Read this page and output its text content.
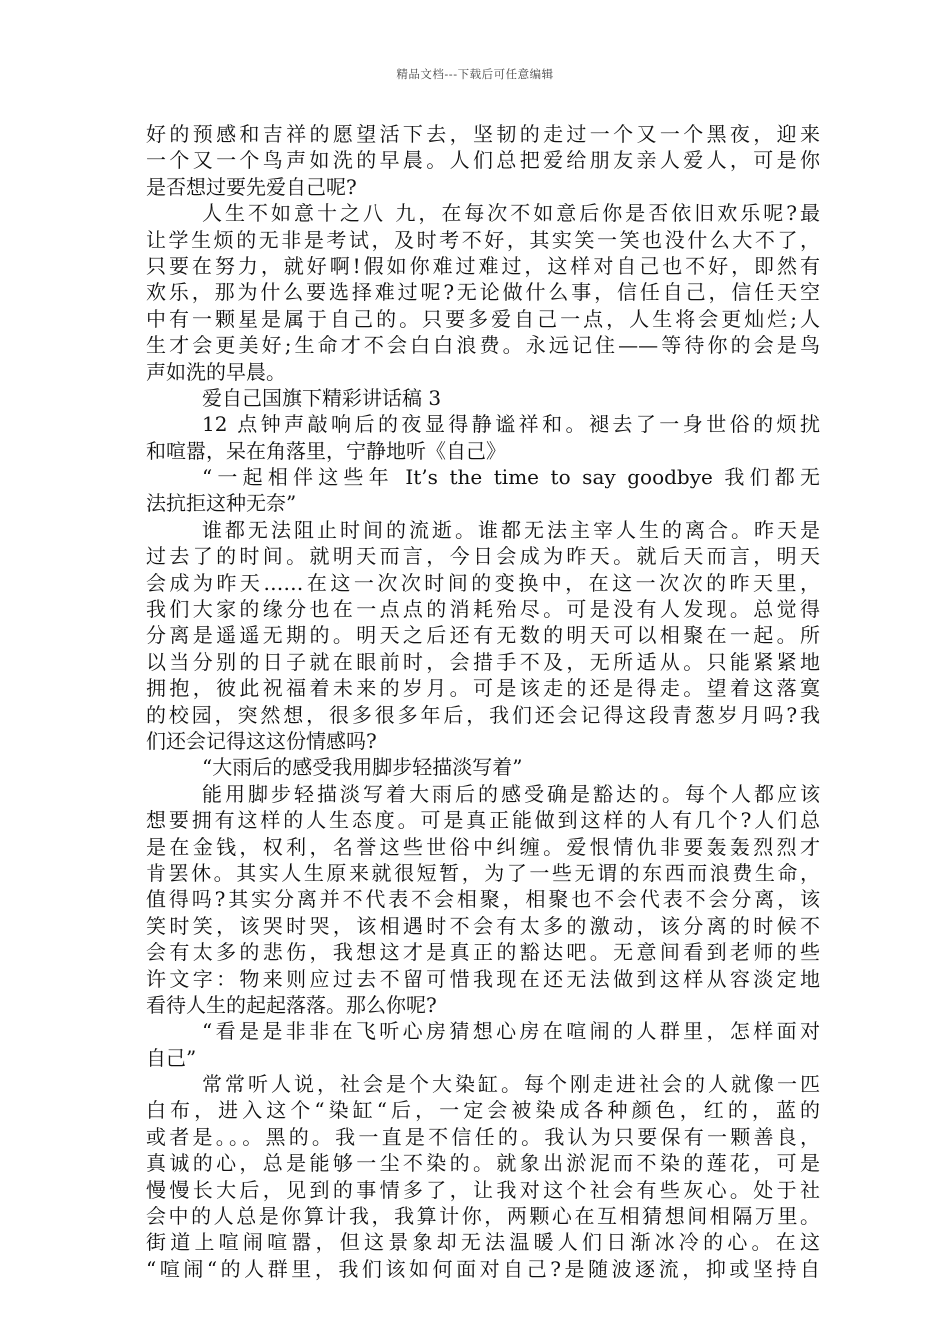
精品文档---下载后可任意编辑
好的预感和吉祥的愿望活下去，坚韧的走过一个又一个黑夜，迎来
一个又一个鸟声如洗的早晨。人们总把爱给朋友亲人爱人，可是你
是否想过要先爱自己呢?
人生不如意十之八 九，在每次不如意后你是否依旧欢乐呢?最
让学生烦的无非是考试，及时考不好，其实笑一笑也没什么大不了，
只要在努力，就好啊!假如你难过难过，这样对自己也不好，即然有
欢乐，那为什么要选择难过呢?无论做什么事，信任自己，信任天空
中有一颗星是属于自己的。只要多爱自己一点，人生将会更灿烂;人
生才会更美好;生命才不会白白浪费。永远记住——等待你的会是鸟
声如洗的早晨。
爱自己国旗下精彩讲话稿 3
12 点钟声敲响后的夜显得静谧祥和。褪去了一身世俗的烦扰
和喧嚣，呆在角落里，宁静地听《自己》
“一起相伴这些年 It’s the time to say goodbye 我们都无
法抗拒这种无奈”
谁都无法阻止时间的流逝。谁都无法主宰人生的离合。昨天是
过去了的时间。就明天而言，今日会成为昨天。就后天而言，明天
会成为昨天……在这一次次时间的变换中，在这一次次的昨天里，
我们大家的缘分也在一点点的消耗殆尽。可是没有人发现。总觉得
分离是遥遥无期的。明天之后还有无数的明天可以相聚在一起。所
以当分别的日子就在眼前时，会措手不及，无所适从。只能紧紧地
拥抱，彼此祝福着未来的岁月。可是该走的还是得走。望着这落寞
的校园，突然想，很多很多年后，我们还会记得这段青葱岁月吗?我
们还会记得这这份情感吗?
“大雨后的感受我用脚步轻描淡写着”
能用脚步轻描淡写着大雨后的感受确是豁达的。每个人都应该
想要拥有这样的人生态度。可是真正能做到这样的人有几个?人们总
是在金钱，权利，名誉这些世俗中纠缠。爱恨情仇非要轰轰烈烈才
肯罢休。其实人生原来就很短暂，为了一些无谓的东西而浪费生命，
值得吗?其实分离并不代表不会相聚，相聚也不会代表不会分离，该
笑时笑，该哭时哭，该相遇时不会有太多的激动，该分离的时候不
会有太多的悲伤，我想这才是真正的豁达吧。无意间看到老师的些
许文字：物来则应过去不留可惜我现在还无法做到这样从容淡定地
看待人生的起起落落。那么你呢?
“看是是非非在飞听心房猜想心房在喧闹的人群里，怎样面对
自己”
常常听人说，社会是个大染缸。每个刚走进社会的人就像一匹
白布，进入这个“染缸“后，一定会被染成各种颜色，红的，蓝的
或者是。。。黑的。我一直是不信任的。我认为只要保有一颗善良，
真诚的心，总是能够一尘不染的。就象出淤泥而不染的莲花，可是
慢慢长大后，见到的事情多了，让我对这个社会有些灰心。处于社
会中的人总是你算计我，我算计你，两颗心在互相猜想间相隔万里。
街道上喧闹喧嚣，但这景象却无法温暖人们日渐冰冷的心。在这
“喧闹“的人群里，我们该如何面对自己?是随波逐流，抑或坚持自
